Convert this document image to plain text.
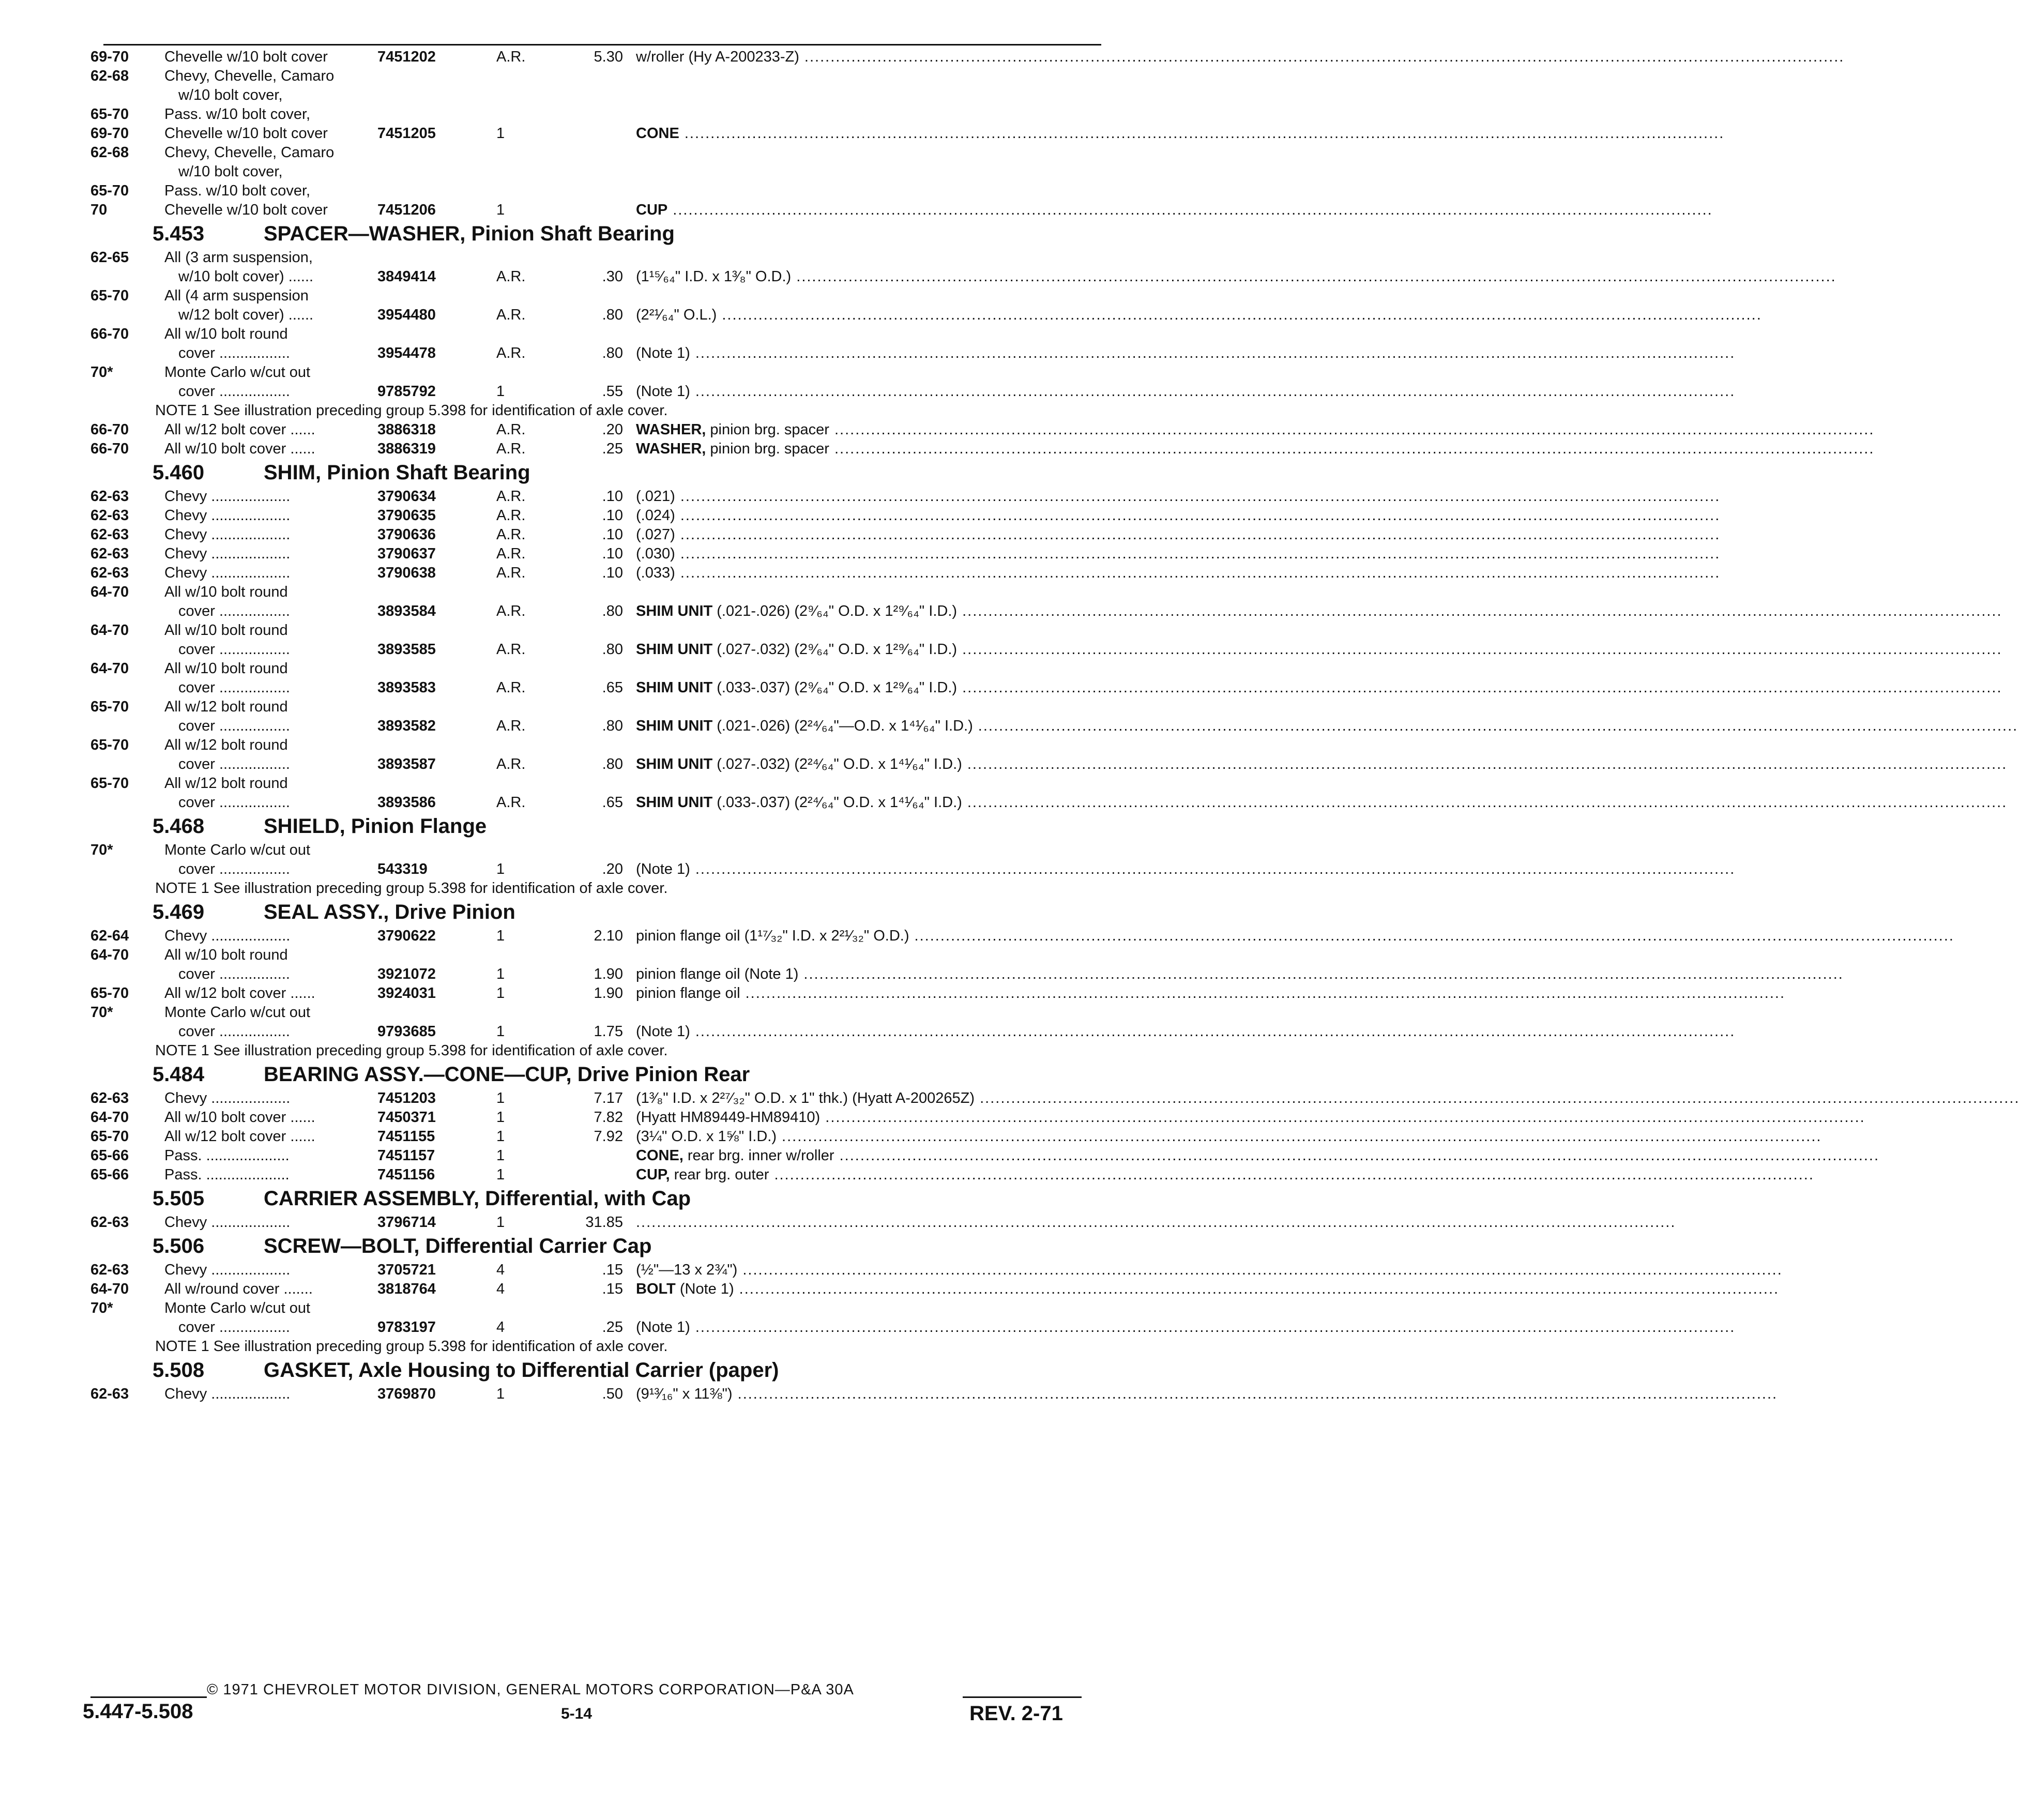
69-70 Chevelle w/10 bolt cover	7451202	A.R.	5.30 w/roller (Hy A-200233-Z) ........................................................................................................................................................................................................
62-68 Chevy, Chevelle, Camaro
w/10 bolt cover,
65-70 Pass. w/10 bolt cover,
69-70 Chevelle w/10 bolt cover	7451205	1	CONE ........................................................................................................................................................................................................
62-68 Chevy, Chevelle, Camaro
w/10 bolt cover,
65-70 Pass. w/10 bolt cover,
70	Chevelle w/10 bolt cover	7451206	1	CUP ........................................................................................................................................................................................................
5.453	SPACER—WASHER, Pinion Shaft Bearing
62-65 All (3 arm suspension,
w/10 bolt cover) ......	3849414	A.R.	.30 (1¹⁵⁄₆₄" I.D. x 1³⁄₈" O.D.) ........................................................................................................................................................................................................
65-70 All (4 arm suspension
w/12 bolt cover) ......	3954480	A.R.	.80 (2²¹⁄₆₄" O.L.) ........................................................................................................................................................................................................
66-70 All w/10 bolt round
cover .................	3954478	A.R.	.80 (Note 1) ........................................................................................................................................................................................................
70*	Monte Carlo w/cut out
cover .................	9785792	1	.55 (Note 1) ........................................................................................................................................................................................................
NOTE 1 See illustration preceding group 5.398 for identification of axle cover.
66-70 All w/12 bolt cover ......	3886318	A.R.	.20 WASHER, pinion brg. spacer ........................................................................................................................................................................................................
66-70 All w/10 bolt cover ......	3886319	A.R.	.25 WASHER, pinion brg. spacer ........................................................................................................................................................................................................
5.460	SHIM, Pinion Shaft Bearing
62-63 Chevy ...................	3790634	A.R.	.10 (.021) ........................................................................................................................................................................................................
62-63 Chevy ...................	3790635	A.R.	.10 (.024) ........................................................................................................................................................................................................
62-63 Chevy ...................	3790636	A.R.	.10 (.027) ........................................................................................................................................................................................................
62-63 Chevy ...................	3790637	A.R.	.10 (.030) ........................................................................................................................................................................................................
62-63 Chevy ...................	3790638	A.R.	.10 (.033) ........................................................................................................................................................................................................
64-70 All w/10 bolt round
cover .................	3893584	A.R.	.80 SHIM UNIT (.021-.026) (2⁹⁄₆₄" O.D. x 1²⁹⁄₆₄" I.D.) ........................................................................................................................................................................................................
64-70 All w/10 bolt round
cover .................	3893585	A.R.	.80 SHIM UNIT (.027-.032) (2⁹⁄₆₄" O.D. x 1²⁹⁄₆₄" I.D.) ........................................................................................................................................................................................................
64-70 All w/10 bolt round
cover .................	3893583	A.R.	.65 SHIM UNIT (.033-.037) (2⁹⁄₆₄" O.D. x 1²⁹⁄₆₄" I.D.) ........................................................................................................................................................................................................
65-70 All w/12 bolt round
cover .................	3893582	A.R.	.80 SHIM UNIT (.021-.026) (2²⁴⁄₆₄"—O.D. x 1⁴¹⁄₆₄" I.D.) ........................................................................................................................................................................................................
65-70 All w/12 bolt round
cover .................	3893587	A.R.	.80 SHIM UNIT (.027-.032) (2²⁴⁄₆₄" O.D. x 1⁴¹⁄₆₄" I.D.) ........................................................................................................................................................................................................
65-70 All w/12 bolt round
cover .................	3893586	A.R.	.65 SHIM UNIT (.033-.037) (2²⁴⁄₆₄" O.D. x 1⁴¹⁄₆₄" I.D.) ........................................................................................................................................................................................................
5.468	SHIELD, Pinion Flange
70*	Monte Carlo w/cut out
cover .................	543319	1	.20 (Note 1) ........................................................................................................................................................................................................
NOTE 1 See illustration preceding group 5.398 for identification of axle cover.
5.469	SEAL ASSY., Drive Pinion
62-64 Chevy ...................	3790622	1	2.10 pinion flange oil (1¹⁷⁄₃₂" I.D. x 2²¹⁄₃₂" O.D.) ........................................................................................................................................................................................................
64-70 All w/10 bolt round
cover .................	3921072	1	1.90 pinion flange oil (Note 1) ........................................................................................................................................................................................................
65-70 All w/12 bolt cover ......	3924031	1	1.90 pinion flange oil ........................................................................................................................................................................................................
70*	Monte Carlo w/cut out
cover .................	9793685	1	1.75 (Note 1) ........................................................................................................................................................................................................
NOTE 1 See illustration preceding group 5.398 for identification of axle cover.
5.484	BEARING ASSY.—CONE—CUP, Drive Pinion Rear
62-63 Chevy ...................	7451203	1	7.17 (1³⁄₈" I.D. x 2²⁷⁄₃₂" O.D. x 1" thk.) (Hyatt A-200265Z) ........................................................................................................................................................................................................
64-70 All w/10 bolt cover ......	7450371	1	7.82 (Hyatt HM89449-HM89410) ........................................................................................................................................................................................................
65-70 All w/12 bolt cover ......	7451155	1	7.92 (3¼" O.D. x 1⅝" I.D.) ........................................................................................................................................................................................................
65-66 Pass. ....................	7451157	1	CONE, rear brg. inner w/roller ........................................................................................................................................................................................................
65-66 Pass. ....................	7451156	1	CUP, rear brg. outer ........................................................................................................................................................................................................
5.505	CARRIER ASSEMBLY, Differential, with Cap
62-63 Chevy ...................	3796714	1	31.85 ........................................................................................................................................................................................................
5.506	SCREW—BOLT, Differential Carrier Cap
62-63 Chevy ...................	3705721	4	.15 (½"—13 x 2¾") ........................................................................................................................................................................................................
64-70 All w/round cover .......	3818764	4	.15 BOLT (Note 1) ........................................................................................................................................................................................................
70*	Monte Carlo w/cut out
cover .................	9783197	4	.25 (Note 1) ........................................................................................................................................................................................................
NOTE 1 See illustration preceding group 5.398 for identification of axle cover.
5.508	GASKET, Axle Housing to Differential Carrier (paper)
62-63 Chevy ...................	3769870	1	.50 (9¹³⁄₁₆" x 11⅜") ........................................................................................................................................................................................................
© 1971 CHEVROLET MOTOR DIVISION, GENERAL MOTORS CORPORATION—P&A 30A
5.447-5.508	5-14	REV. 2-71
